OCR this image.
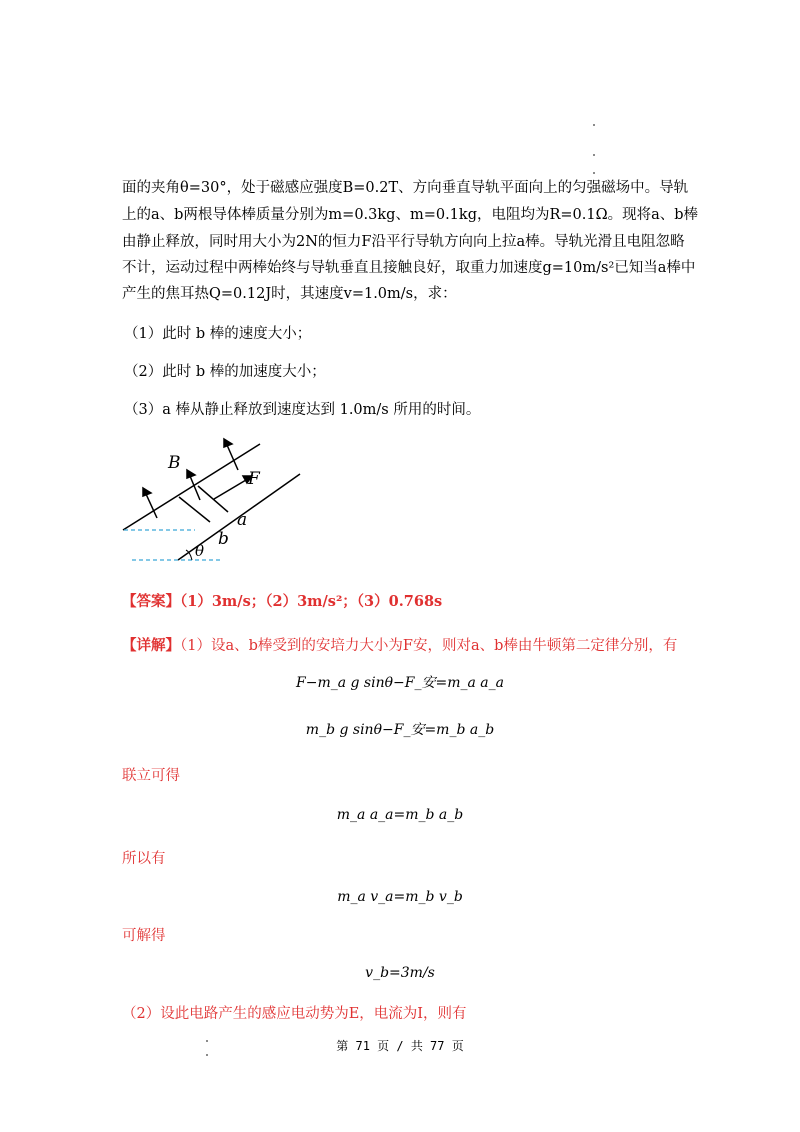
面的夹角θ=30°，处于磁感应强度B=0.2T、方向垂直导轨平面向上的匀强磁场中。导轨
上的a、b两根导体棒质量分别为m=0.3kg、m=0.1kg，电阻均为R=0.1Ω。现将a、b棒
由静止释放，同时用大小为2N的恒力F沿平行导轨方向向上拉a棒。导轨光滑且电阻忽略
不计，运动过程中两棒始终与导轨垂直且接触良好，取重力加速度g=10m/s²已知当a棒中
产生的焦耳热Q=0.12J时，其速度v=1.0m/s，求：
（1）此时 b 棒的速度大小；
（2）此时 b 棒的加速度大小；
（3）a 棒从静止释放到速度达到 1.0m/s 所用的时间。
B
F
a
b
θ
【答案】（1）3m/s；（2）3m/s²；（3）0.768s
【详解】（1）设a、b棒受到的安培力大小为F安，则对a、b棒由牛顿第二定律分别，有
F−m_a g sinθ−F_安=m_a a_a
m_b g sinθ−F_安=m_b a_b
联立可得
m_a a_a=m_b a_b
所以有
m_a v_a=m_b v_b
可解得
v_b=3m/s
（2）设此电路产生的感应电动势为E，电流为I，则有
第 71 页 / 共 77 页
